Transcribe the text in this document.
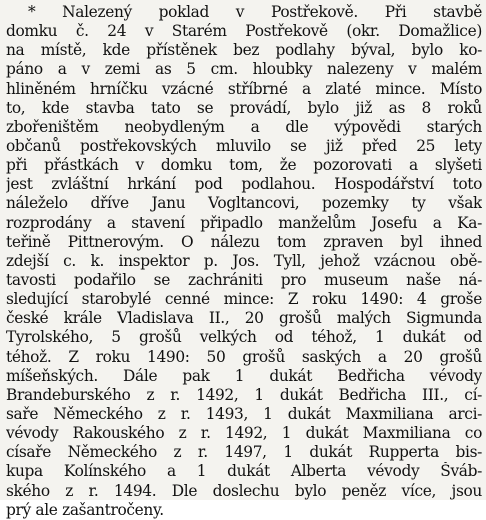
* Nalezený poklad v Postřekově. Při stavbě
domku č. 24 v Starém Postřekově (okr. Domažlice)
na místě, kde přístěnek bez podlahy býval, bylo ko-
páno a v zemi as 5 cm. hloubky nalezeny v malém
hliněném hrníčku vzácné stříbrné a zlaté mince. Místo
to, kde stavba tato se provádí, bylo již as 8 roků
zbořeništěm neobydleným a dle výpovědi starých
občanů postřekovských mluvilo se již před 25 lety
při přástkách v domku tom, že pozorovati a slyšeti
jest zvláštní hrkání pod podlahou. Hospodářství toto
náleželo dříve Janu Vogltancovi, pozemky ty však
rozprodány a stavení připadlo manželům Josefu a Ka-
teřině Pittnerovým. O nálezu tom zpraven byl ihned
zdejší c. k. inspektor p. Jos. Tyll, jehož vzácnou obě-
tavosti podařilo se zachrániti pro museum naše ná-
sledující starobylé cenné mince: Z roku 1490: 4 groše
české krále Vladislava II., 20 grošů malých Sigmunda
Tyrolského, 5 grošů velkých od téhož, 1 dukát od
téhož. Z roku 1490: 50 grošů saských a 20 grošů
míšeňských. Dále pak 1 dukát Bedřicha vévody
Brandeburského z r. 1492, 1 dukát Bedřicha III., cí-
saře Německého z r. 1493, 1 dukát Maxmiliana arci-
vévody Rakouského z r. 1492, 1 dukát Maxmiliana co
císaře Německého z r. 1497, 1 dukát Rupperta bis-
kupa Kolínského a 1 dukát Alberta vévody Šváb-
ského z r. 1494. Dle doslechu bylo peněz více, jsou
prý ale zašantročeny.
